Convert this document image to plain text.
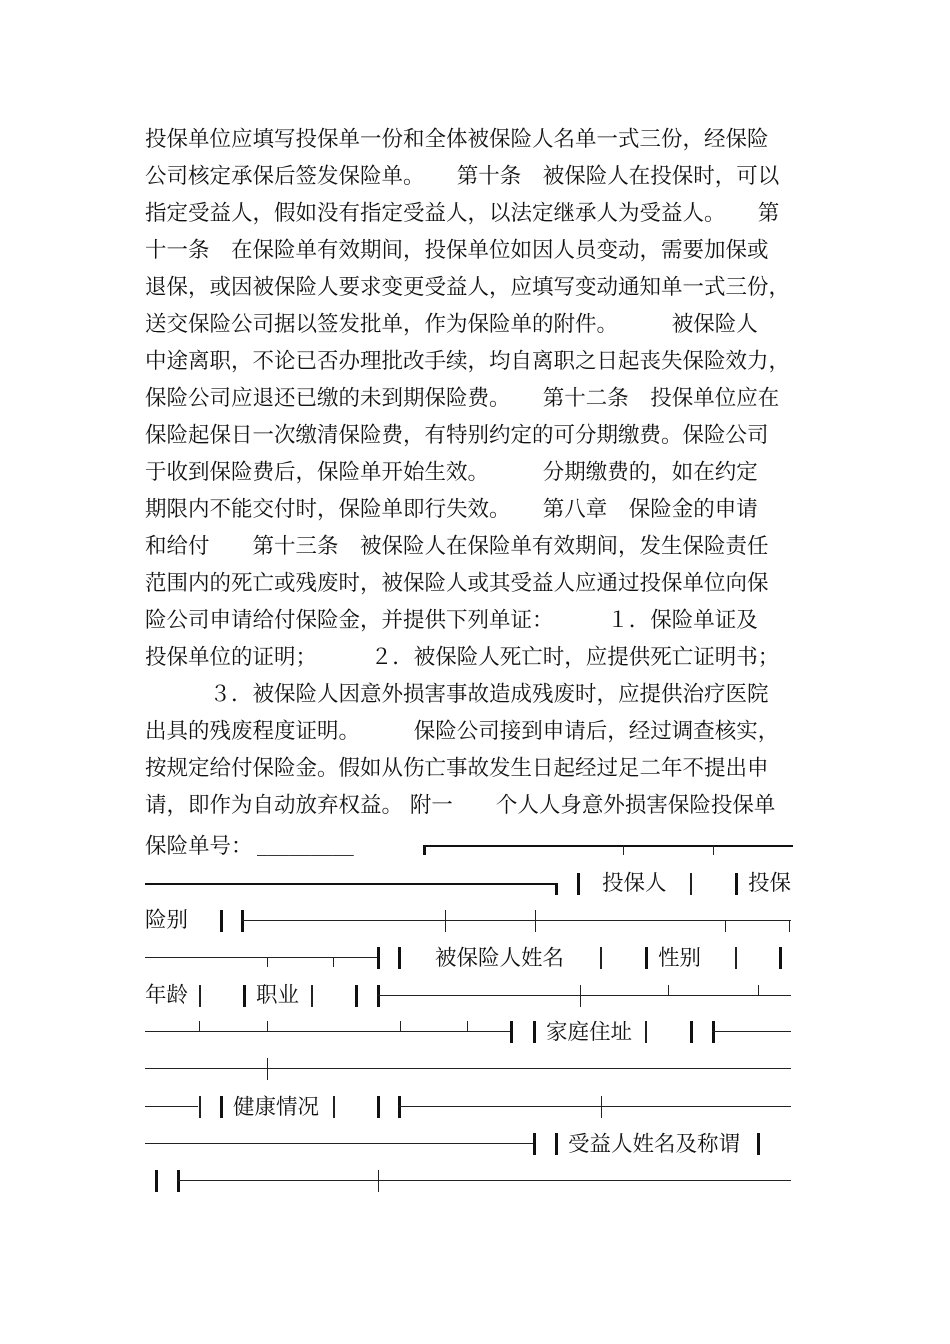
投保单位应填写投保单一份和全体被保险人名单一式三份，经保险
公司核定承保后签发保险单。　　第十条　被保险人在投保时，可以
指定受益人，假如没有指定受益人，以法定继承人为受益人。　　第
十一条　在保险单有效期间，投保单位如因人员变动，需要加保或
退保，或因被保险人要求变更受益人，应填写变动通知单一式三份，
送交保险公司据以签发批单，作为保险单的附件。　　　被保险人
中途离职，不论已否办理批改手续，均自离职之日起丧失保险效力，
保险公司应退还已缴的未到期保险费。　　第十二条　投保单位应在
保险起保日一次缴清保险费，有特别约定的可分期缴费。保险公司
于收到保险费后，保险单开始生效。　　　分期缴费的，如在约定
期限内不能交付时，保险单即行失效。　　第八章　保险金的申请
和给付　　第十三条　被保险人在保险单有效期间，发生保险责任
范围内的死亡或残废时，被保险人或其受益人应通过投保单位向保
险公司申请给付保险金，并提供下列单证：　　　１．保险单证及
投保单位的证明；　　　２．被保险人死亡时，应提供死亡证明书；
　　　３．被保险人因意外损害事故造成残废时，应提供治疗医院
出具的残废程度证明。　　　保险公司接到申请后，经过调查核实，
按规定给付保险金。假如从伤亡事故发生日起经过足二年不提出申
请，即作为自动放弃权益。 附一　　个人人身意外损害保险投保单
保险单号： _________
投保人	投保
险别
被保险人姓名	性别
年龄	职业
家庭住址
健康情况
受益人姓名及称谓
